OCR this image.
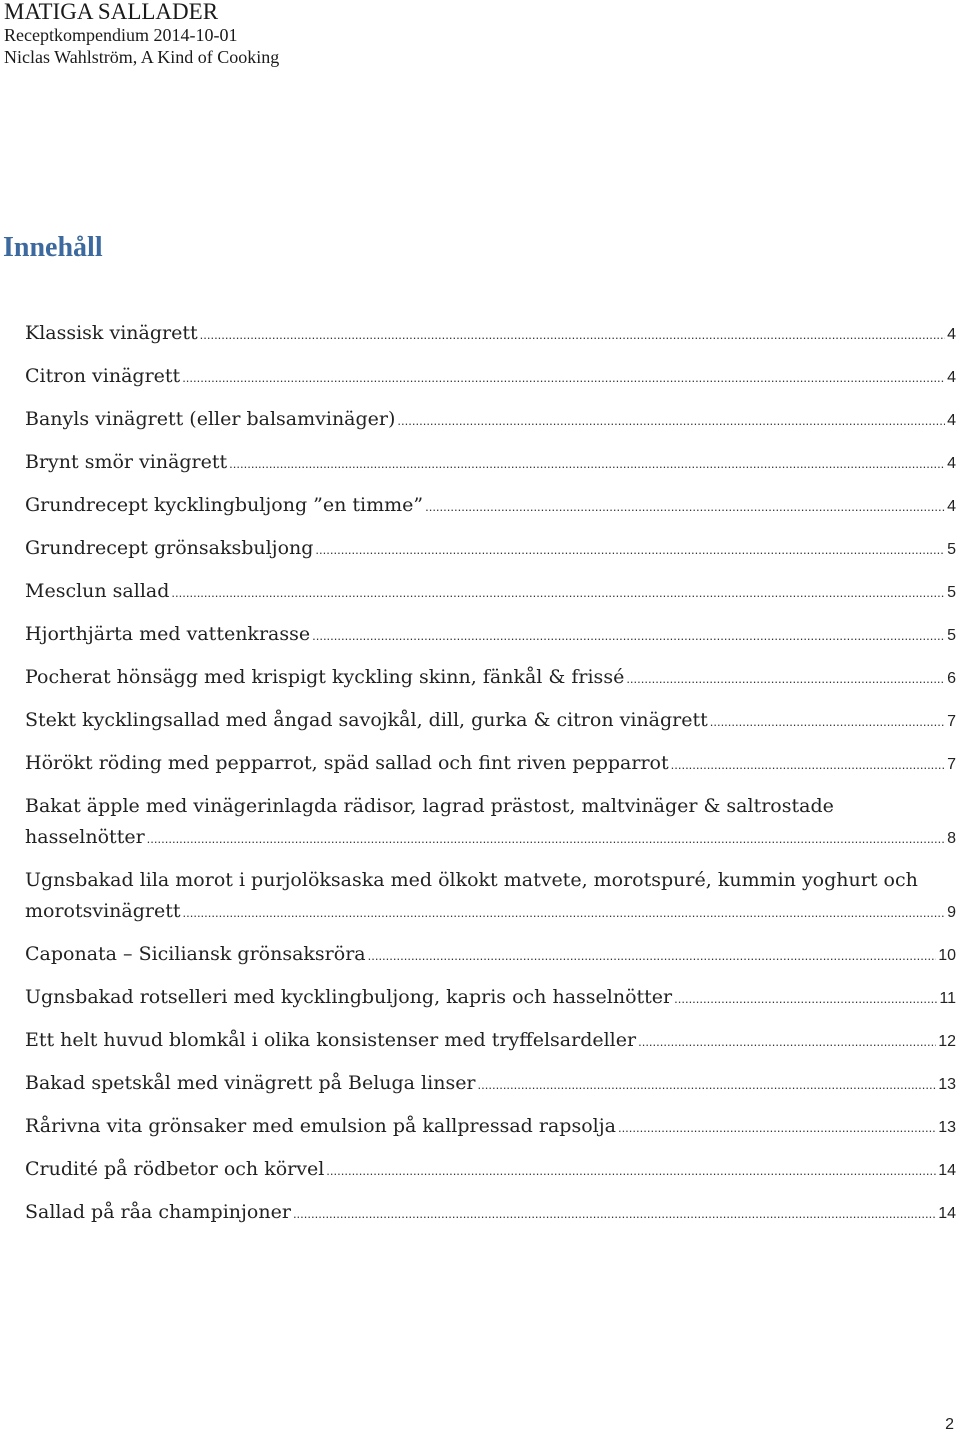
MATIGA SALLADER
Receptkompendium 2014-10-01
Niclas Wahlström, A Kind of Cooking
Innehåll
Klassisk vinägrett .....	4
Citron vinägrett .....	4
Banyls vinägrett (eller balsamvinäger) .....	4
Brynt smör vinägrett .....	4
Grundrecept kycklingbuljong ”en timme” .....	4
Grundrecept grönsaksbuljong .....	5
Mesclun sallad .....	5
Hjorthjärta med vattenkrasse .....	5
Pocherat hönsägg med krispigt kyckling skinn, fänkål & frissé .....	6
Stekt kycklingsallad med ångad savojkål, dill, gurka & citron vinägrett .....	7
Hörökt röding med pepparrot, späd sallad och fint riven pepparrot .....	7
Bakat äpple med vinägerinlagda rädisor, lagrad prästost, maltvinäger & saltrostade
hasselnötter .....	8
Ugnsbakad lila morot i purjolöksaska med ölkokt matvete, morotspuré, kummin yoghurt och
morotsvinägrett .....	9
Caponata – Siciliansk grönsaksröra .....	10
Ugnsbakad rotselleri med kycklingbuljong, kapris och hasselnötter .....	11
Ett helt huvud blomkål i olika konsistenser med tryffelsardeller .....	12
Bakad spetskål med vinägrett på Beluga linser .....	13
Rårivna vita grönsaker med emulsion på kallpressad rapsolja .....	13
Crudité på rödbetor och körvel .....	14
Sallad på råa champinjoner .....	14
2
